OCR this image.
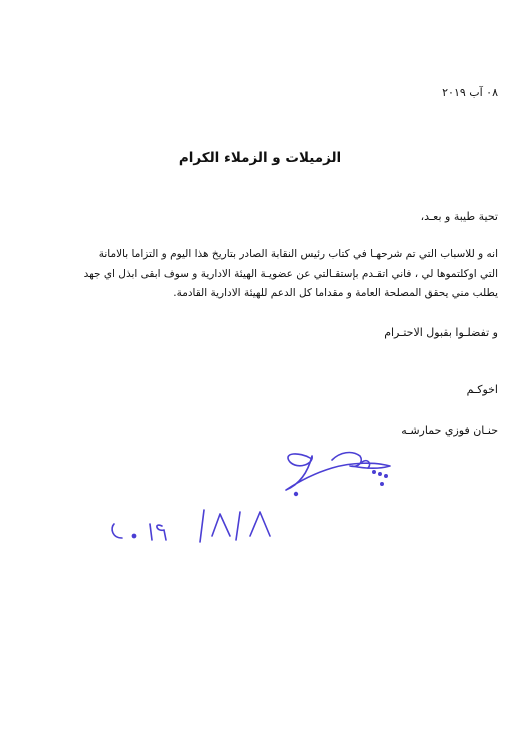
٠٨ آب ٢٠١٩

الزميلات و الزملاء الكرام

تحية طيبة و بعـد،

انه و للاسباب التي تم شرحهـا في كتاب رئيس النقابة الصادر بتاريخ هذا اليوم و التزاما بالامانة
التي اوكلتموها لي ، فاني اتقـدم بإستقـالتي عن عضويـة الهيئة الادارية و سوف ابقى ابذل اي جهد
يطلب مني يحقق المصلحة العامة و مقداما كل الدعم للهيئة الادارية القادمة.

و تفضلـوا بقبول الاحتـرام

اخوكـم

حنـان فوزي حمارشـه
